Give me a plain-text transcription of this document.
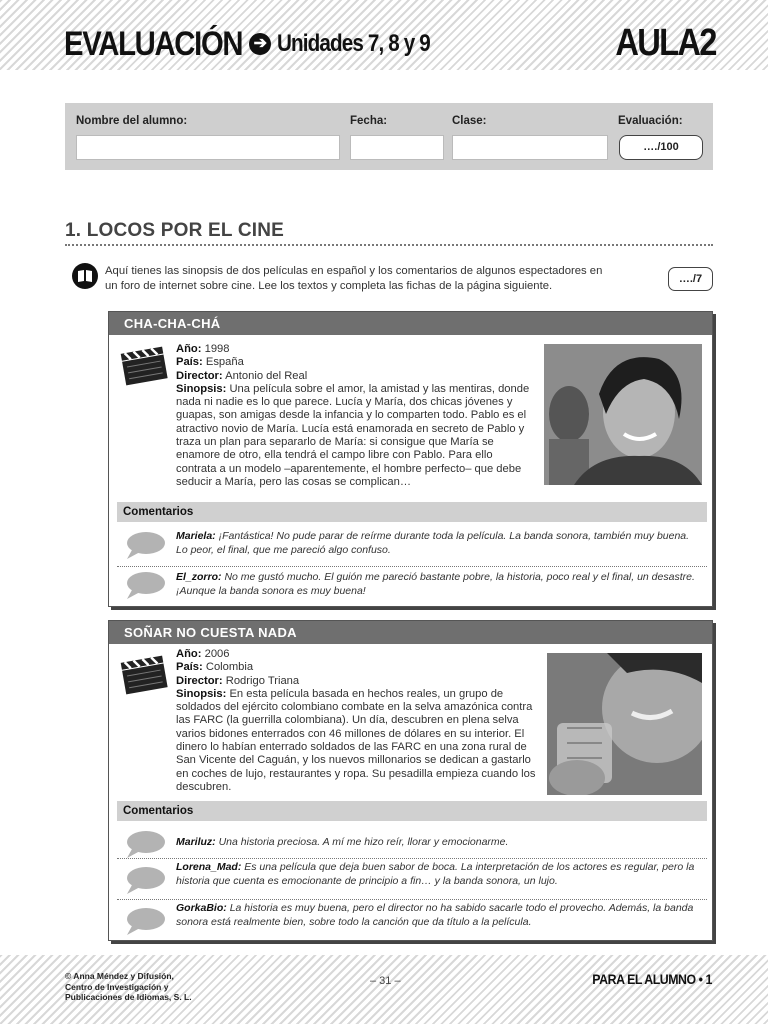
EVALUACIÓN ➔ Unidades 7, 8 y 9	AULA2
Nombre del alumno:	Fecha:	Clase:	Evaluación:
…./100
1. LOCOS POR EL CINE
Aquí tienes las sinopsis de dos películas en español y los comentarios de algunos espectadores en
un foro de internet sobre cine. Lee los textos y completa las fichas de la página siguiente.
…./7
CHA-CHA-CHÁ
Año: 1998
País: España
Director: Antonio del Real
Sinopsis: Una película sobre el amor, la amistad y las mentiras, donde nada ni nadie es lo que parece. Lucía y María, dos chicas jóvenes y guapas, son amigas desde la infancia y lo comparten todo. Pablo es el atractivo novio de María. Lucía está enamorada en secreto de Pablo y traza un plan para separarlo de María: si consigue que María se enamore de otro, ella tendrá el campo libre con Pablo. Para ello contrata a un modelo –aparentemente, el hombre perfecto– que debe seducir a María, pero las cosas se complican…
Comentarios
Mariela: ¡Fantástica! No pude parar de reírme durante toda la película. La banda sonora, también muy buena. Lo peor, el final, que me pareció algo confuso.
El_zorro: No me gustó mucho. El guión me pareció bastante pobre, la historia, poco real y el final, un desastre. ¡Aunque la banda sonora es muy buena!
SOÑAR NO CUESTA NADA
Año: 2006
País: Colombia
Director: Rodrigo Triana
Sinopsis: En esta película basada en hechos reales, un grupo de soldados del ejército colombiano combate en la selva amazónica contra las FARC (la guerrilla colombiana). Un día, descubren en plena selva varios bidones enterrados con 46 millones de dólares en su interior. El dinero lo habían enterrado soldados de las FARC en una zona rural de San Vicente del Caguán, y los nuevos millonarios se dedican a gastarlo en coches de lujo, restaurantes y ropa. Su pesadilla empieza cuando los descubren.
Comentarios
Mariluz: Una historia preciosa. A mí me hizo reír, llorar y emocionarme.
Lorena_Mad: Es una película que deja buen sabor de boca. La interpretación de los actores es regular, pero la historia que cuenta es emocionante de principio a fin… y la banda sonora, un lujo.
GorkaBio: La historia es muy buena, pero el director no ha sabido sacarle todo el provecho. Además, la banda sonora está realmente bien, sobre todo la canción que da título a la película.
© Anna Méndez y Difusión,
Centro de Investigación y
Publicaciones de Idiomas, S. L.
– 31 –	PARA EL ALUMNO • 1
